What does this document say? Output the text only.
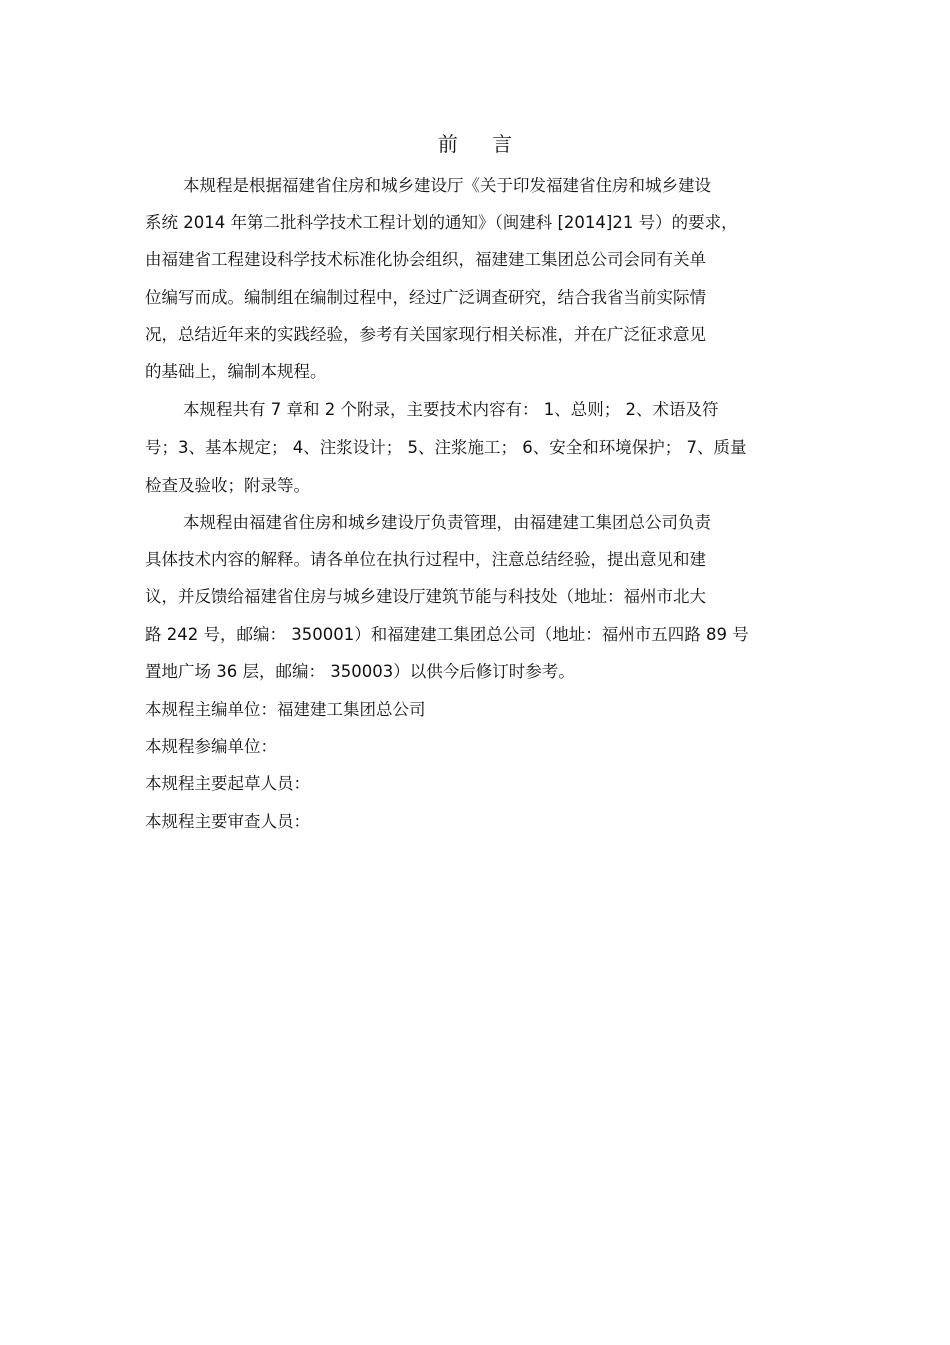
前 言
本规程是根据福建省住房和城乡建设厅《关于印发福建省住房和城乡建设
系统 2014 年第二批科学技术工程计划的通知》（闽建科 [2014]21 号）的要求，
由福建省工程建设科学技术标准化协会组织，福建建工集团总公司会同有关单
位编写而成。编制组在编制过程中，经过广泛调查研究，结合我省当前实际情
况，总结近年来的实践经验，参考有关国家现行相关标准，并在广泛征求意见
的基础上，编制本规程。
本规程共有 7 章和 2 个附录，主要技术内容有： 1、总则； 2、术语及符
号；3、基本规定； 4、注浆设计； 5、注浆施工； 6、安全和环境保护； 7、质量
检查及验收；附录等。
本规程由福建省住房和城乡建设厅负责管理，由福建建工集团总公司负责
具体技术内容的解释。请各单位在执行过程中，注意总结经验，提出意见和建
议，并反馈给福建省住房与城乡建设厅建筑节能与科技处（地址：福州市北大
路 242 号，邮编： 350001）和福建建工集团总公司（地址：福州市五四路 89 号
置地广场 36 层，邮编： 350003）以供今后修订时参考。
本规程主编单位：福建建工集团总公司
本规程参编单位：
本规程主要起草人员：
本规程主要审查人员：
